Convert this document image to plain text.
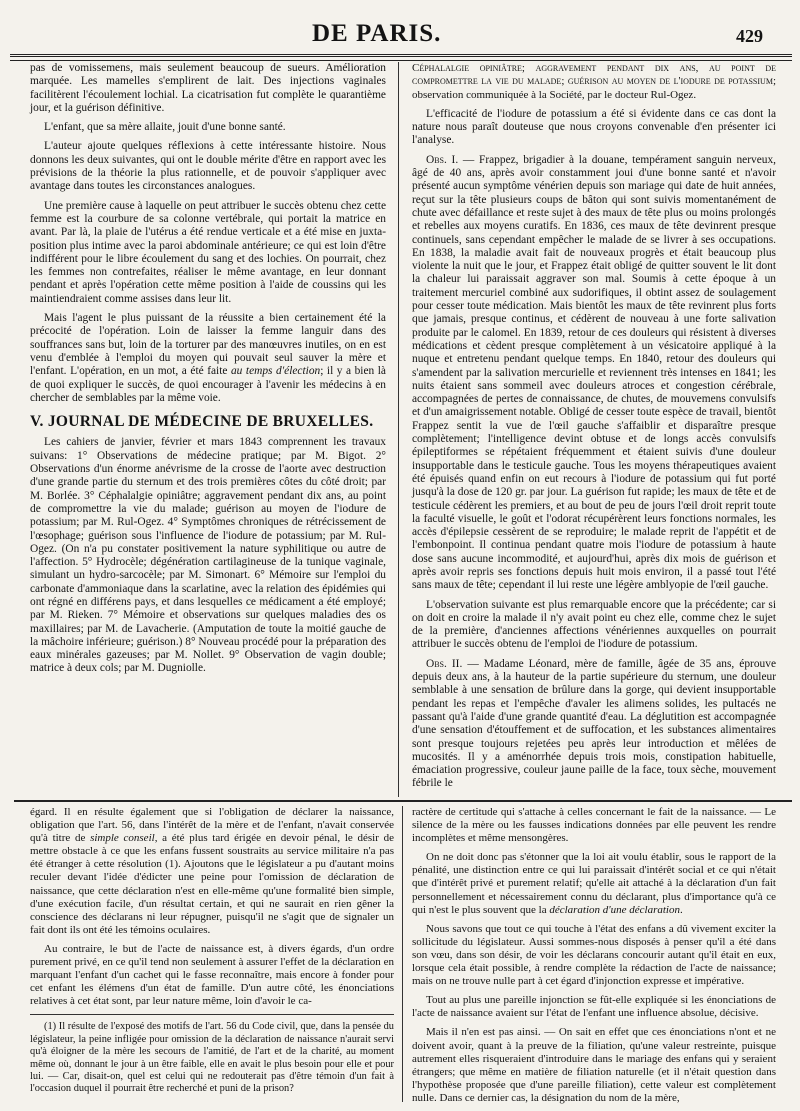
DE PARIS.	429

pas de vomissemens, mais seulement beaucoup de sueurs. Amélioration marquée. Les mamelles s'emplirent de lait. Des injections vaginales facilitèrent l'écoulement lochial. La cicatrisation fut complète le quarantième jour, et la guérison définitive.

L'enfant, que sa mère allaite, jouit d'une bonne santé.

L'auteur ajoute quelques réflexions à cette intéressante histoire. Nous donnons les deux suivantes, qui ont le double mérite d'être en rapport avec les prévisions de la théorie la plus rationnelle, et de pouvoir s'appliquer avec avantage dans toutes les circonstances analogues.

Une première cause à laquelle on peut attribuer le succès obtenu chez cette femme est la courbure de sa colonne vertébrale, qui portait la matrice en avant. Par là, la plaie de l'utérus a été rendue verticale et a été mise en juxta-position plus intime avec la paroi abdominale antérieure; ce qui est loin d'être indifférent pour le libre écoulement du sang et des lochies. On pourrait, chez les femmes non contrefaites, réaliser le même avantage, en leur donnant pendant et après l'opération cette même position à l'aide de coussins qui les maintiendraient comme assises dans leur lit.

Mais l'agent le plus puissant de la réussite a bien certainement été la précocité de l'opération. Loin de laisser la femme languir dans des souffrances sans but, loin de la torturer par des manœuvres inutiles, on en est venu d'emblée à l'emploi du moyen qui pouvait seul sauver la mère et l'enfant. L'opération, en un mot, a été faite au temps d'élection; il y a bien là de quoi expliquer le succès, de quoi encourager à l'avenir les médecins à en chercher de semblables par la même voie.

V. JOURNAL DE MÉDECINE DE BRUXELLES.

Les cahiers de janvier, février et mars 1843 comprennent les travaux suivans: 1° Observations de médecine pratique; par M. Bigot. 2° Observations d'un énorme anévrisme de la crosse de l'aorte avec destruction d'une grande partie du sternum et des trois premières côtes du côté droit; par M. Borlée. 3° Céphalalgie opiniâtre; aggravement pendant dix ans, au point de compromettre la vie du malade; guérison au moyen de l'iodure de potassium; par M. Rul-Ogez. 4° Symptômes chroniques de rétrécissement de l'œsophage; guérison sous l'influence de l'iodure de potassium; par M. Rul-Ogez. (On n'a pu constater positivement la nature syphilitique ou autre de l'affection. 5° Hydrocèle; dégénération cartilagineuse de la tunique vaginale, simulant un hydro-sarcocèle; par M. Simonart. 6° Mémoire sur l'emploi du carbonate d'ammoniaque dans la scarlatine, avec la relation des épidémies qui ont régné en différens pays, et dans lesquelles ce médicament a été employé; par M. Rieken. 7° Mémoire et observations sur quelques maladies des os maxillaires; par M. de Lavacherie. (Amputation de toute la moitié gauche de la mâchoire inférieure; guérison.) 8° Nouveau procédé pour la préparation des eaux minérales gazeuses; par M. Nollet. 9° Observation de vagin double; matrice à deux cols; par M. Dugniolle.

Céphalalgie opiniâtre; aggravement pendant dix ans, au point de compromettre la vie du malade; guérison au moyen de l'iodure de potassium; observation communiquée à la Société, par le docteur Rul-Ogez.

L'efficacité de l'iodure de potassium a été si évidente dans ce cas dont la nature nous paraît douteuse que nous croyons convenable d'en présenter ici l'analyse.

Obs. I. — Frappez, brigadier à la douane, tempérament sanguin nerveux, âgé de 40 ans, après avoir constamment joui d'une bonne santé et n'avoir présenté aucun symptôme vénérien depuis son mariage qui date de huit années, reçut sur la tête plusieurs coups de bâton qui sont suivis momentanément de chute avec défaillance et reste sujet à des maux de tête plus ou moins prolongés et rebelles aux moyens curatifs. En 1836, ces maux de tête devinrent presque continuels, sans cependant empêcher le malade de se livrer à ses occupations. En 1838, la maladie avait fait de nouveaux progrès et était beaucoup plus violente la nuit que le jour, et Frappez était obligé de quitter souvent le lit dont la chaleur lui paraissait aggraver son mal. Soumis à cette époque à un traitement mercuriel combiné aux sudorifiques, il obtint assez de soulagement pour cesser toute médication. Mais bientôt les maux de tête revinrent plus forts que jamais, presque continus, et cédèrent de nouveau à une forte salivation produite par le calomel. En 1839, retour de ces douleurs qui résistent à diverses médications et cèdent presque complètement à un vésicatoire appliqué à la nuque et entretenu pendant quelque temps. En 1840, retour des douleurs qui s'amendent par la salivation mercurielle et reviennent très intenses en 1841; les nuits étaient sans sommeil avec douleurs atroces et congestion cérébrale, accompagnées de pertes de connaissance, de chutes, de mouvemens convulsifs et d'un amaigrissement notable. Obligé de cesser toute espèce de travail, bientôt Frappez sentit la vue de l'œil gauche s'affaiblir et disparaître presque complètement; l'intelligence devint obtuse et de longs accès convulsifs épileptiformes se répétaient fréquemment et étaient suivis d'une douleur insupportable dans le testicule gauche. Tous les moyens thérapeutiques avaient été épuisés quand enfin on eut recours à l'iodure de potassium qui fut porté jusqu'à la dose de 120 gr. par jour. La guérison fut rapide; les maux de tête et de testicule cédèrent les premiers, et au bout de peu de jours l'œil droit reprit toute la faculté visuelle, le goût et l'odorat récupérèrent leurs fonctions normales, les accès d'épilepsie cessèrent de se reproduire; le malade reprit de l'appétit et de l'embonpoint. Il continua pendant quatre mois l'iodure de potassium à haute dose sans aucune incommodité, et aujourd'hui, après dix mois de guérison et après avoir repris ses fonctions depuis huit mois environ, il a passé tout l'été sans maux de tête; cependant il lui reste une légère amblyopie de l'œil gauche.

L'observation suivante est plus remarquable encore que la précédente; car si on doit en croire la malade il n'y avait point eu chez elle, comme chez le sujet de la première, d'anciennes affections vénériennes auxquelles on pourrait attribuer le succès obtenu de l'emploi de l'iodure de potassium.

Obs. II. — Madame Léonard, mère de famille, âgée de 35 ans, éprouve depuis deux ans, à la hauteur de la partie supérieure du sternum, une douleur semblable à une sensation de brûlure dans la gorge, qui devient insupportable pendant les repas et l'empêche d'avaler les alimens solides, les pultacés ne passant qu'à l'aide d'une grande quantité d'eau. La déglutition est accompagnée d'une sensation d'étouffement et de suffocation, et les substances alimentaires sont presque toujours rejetées peu après leur introduction et mêlées de mucosités. Il y a aménorrhée depuis trois mois, constipation habituelle, émaciation progressive, couleur jaune paille de la face, toux sèche, mouvement fébrile le

égard. Il en résulte également que si l'obligation de déclarer la naissance, obligation que l'art. 56, dans l'intérêt de la mère et de l'enfant, n'avait conservée qu'à titre de simple conseil, a été plus tard érigée en devoir pénal, le désir de mettre obstacle à ce que les enfans fussent soustraits au service militaire n'a pas été étranger à cette résolution (1). Ajoutons que le législateur a pu d'autant moins reculer devant l'idée d'édicter une peine pour l'omission de déclaration de naissance, que cette déclaration n'est en elle-même qu'une formalité bien simple, d'une exécution facile, d'un résultat certain, et qui ne saurait en rien gêner la conscience des déclarans ni leur répugner, puisqu'il ne s'agit que de signaler un fait dont ils ont été les témoins oculaires.

Au contraire, le but de l'acte de naissance est, à divers égards, d'un ordre purement privé, en ce qu'il tend non seulement à assurer l'effet de la déclaration en marquant l'enfant d'un cachet qui le fasse reconnaître, mais encore à fonder pour cet enfant les élémens d'un état de famille. D'un autre côté, les énonciations relatives à cet état sont, par leur nature même, loin d'avoir le ca-

(1) Il résulte de l'exposé des motifs de l'art. 56 du Code civil, que, dans la pensée du législateur, la peine infligée pour omission de la déclaration de naissance n'aurait servi qu'à éloigner de la mère les secours de l'amitié, de l'art et de la charité, au moment même où, donnant le jour à un être faible, elle en avait le plus besoin pour elle et pour lui. — Car, disait-on, quel est celui qui ne redouterait pas d'être témoin d'un fait à l'occasion duquel il pourrait être recherché et puni de la prison?

ractère de certitude qui s'attache à celles concernant le fait de la naissance. — Le silence de la mère ou les fausses indications données par elle peuvent les rendre incomplètes et même mensongères.

On ne doit donc pas s'étonner que la loi ait voulu établir, sous le rapport de la pénalité, une distinction entre ce qui lui paraissait d'intérêt social et ce qui n'était que d'intérêt privé et purement relatif; qu'elle ait attaché à la déclaration d'un fait personnellement et nécessairement connu du déclarant, plus d'importance qu'à ce qui n'est le plus souvent que la déclaration d'une déclaration.

Nous savons que tout ce qui touche à l'état des enfans a dû vivement exciter la sollicitude du législateur. Aussi sommes-nous disposés à penser qu'il a été dans son vœu, dans son désir, de voir les déclarans concourir autant qu'il était en eux, lorsque cela était possible, à rendre complète la rédaction de l'acte de naissance; mais on ne trouve nulle part à cet égard d'injonction expresse et impérative.

Tout au plus une pareille injonction se fût-elle expliquée si les énonciations de l'acte de naissance avaient sur l'état de l'enfant une influence absolue, décisive.

Mais il n'en est pas ainsi. — On sait en effet que ces énonciations n'ont et ne doivent avoir, quant à la preuve de la filiation, qu'une valeur restreinte, puisque autrement elles risqueraient d'introduire dans le mariage des enfans qui y seraient étrangers; que même en matière de filiation naturelle (et il n'était question dans l'hypothèse proposée que d'une pareille filiation), cette valeur est complètement nulle. Dans ce dernier cas, la désignation du nom de la mère,
